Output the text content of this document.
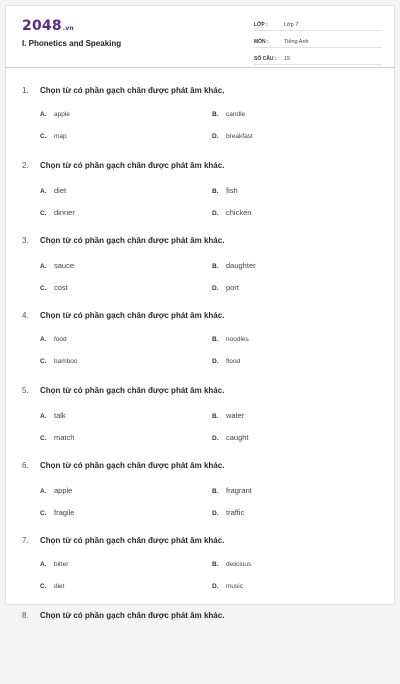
2048.vn
I. Phonetics and Speaking
LỚP :	Lớp 7
MÔN :	Tiếng Anh
SỐ CÂU :	15
1.	Chọn từ có phần gạch chân được phát âm khác.
A.	apple	B.	candle
C.	map	D.	breakfast
2.	Chọn từ có phần gạch chân được phát âm khác.
A.	diet	B.	fish
C.	dinner	D.	chicken
3.	Chọn từ có phần gạch chân được phát âm khác.
A.	sauce	B.	daughter
C.	cost	D.	port
4.	Chọn từ có phần gạch chân được phát âm khác.
A.	food	B.	noodles
C.	bamboo	D.	flood
5.	Chọn từ có phần gạch chân được phát âm khác.
A.	talk	B.	water
C.	match	D.	caught
6.	Chọn từ có phần gạch chân được phát âm khác.
A.	apple	B.	fragrant
C.	fragile	D.	traffic
7.	Chọn từ có phần gạch chân được phát âm khác.
A.	bitter	B.	delicious
C.	diet	D.	music
8.	Chọn từ có phần gạch chân được phát âm khác.
